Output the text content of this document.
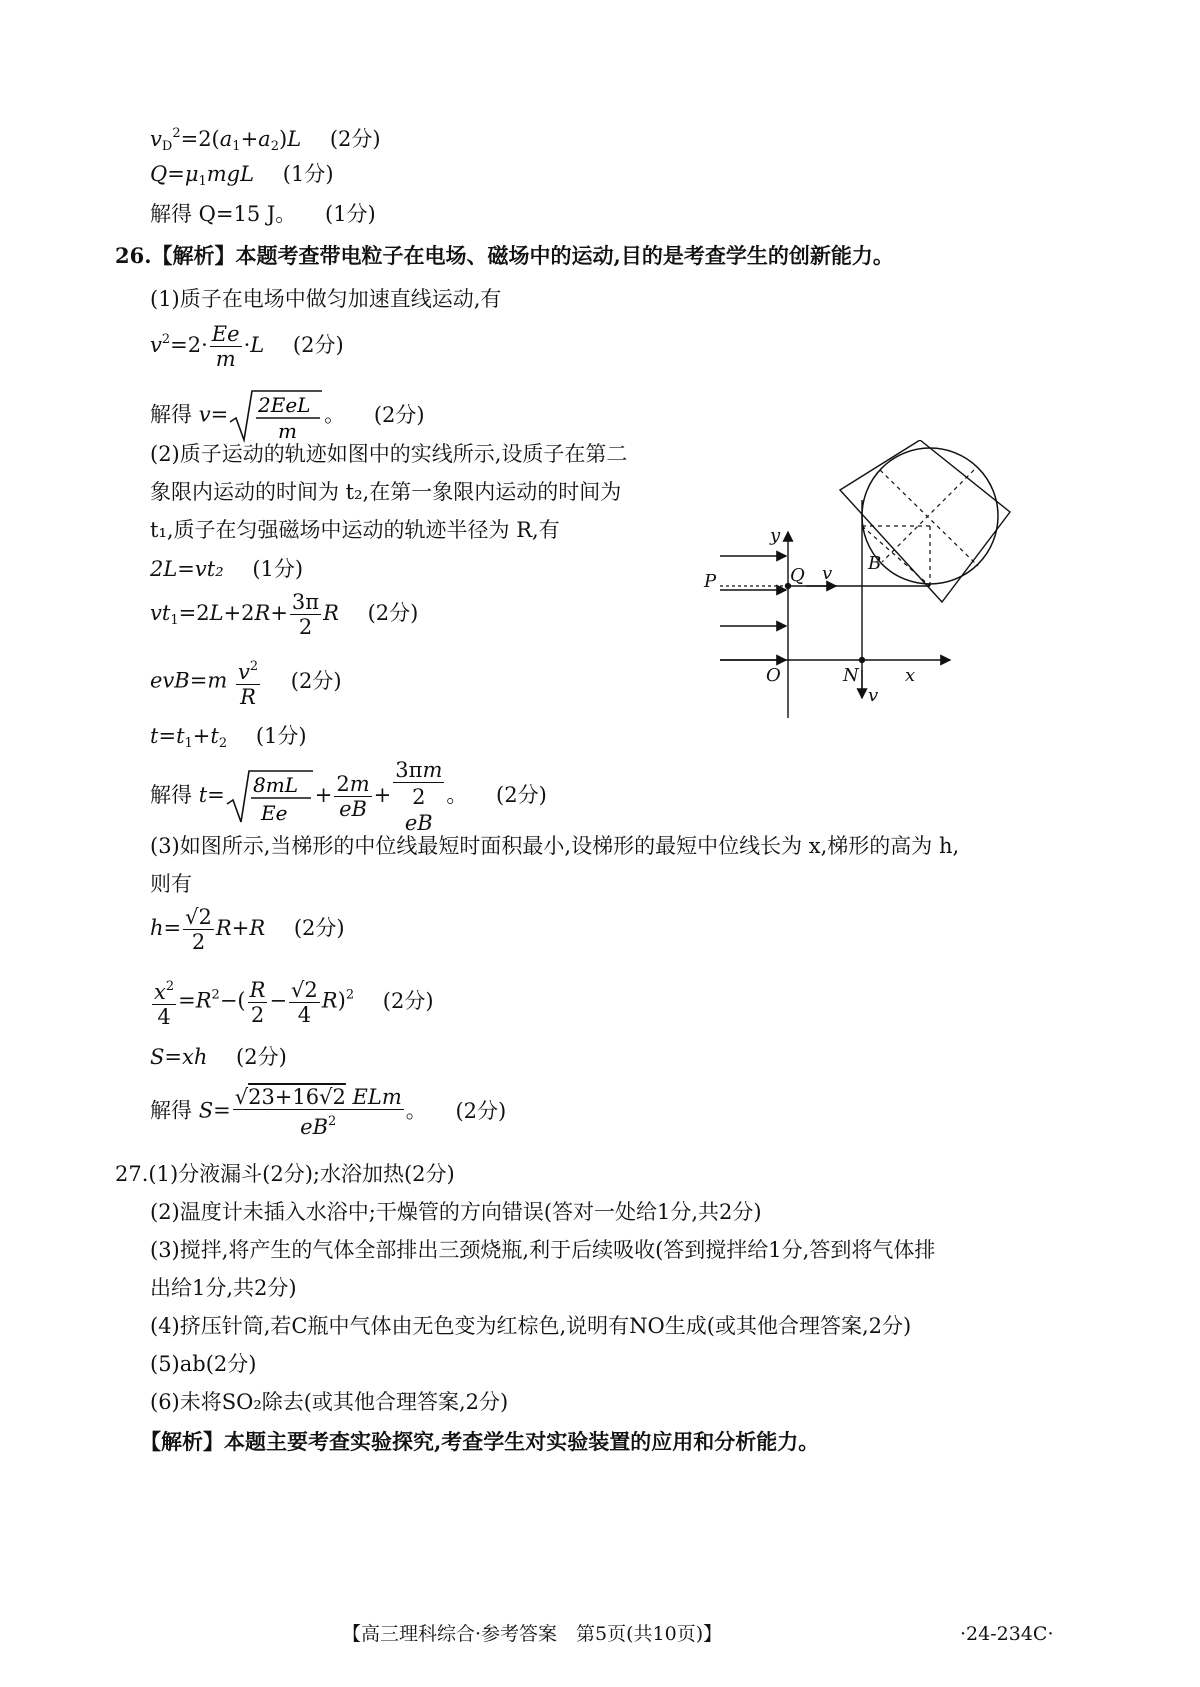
$v_D^2=2(a_1+a_2)L$ (2分)
$Q=\mu_1mgL$ (1分)
解得 Q=15 J。 (1分)
26.【解析】本题考查带电粒子在电场、磁场中的运动,目的是考查学生的创新能力。
(1)质子在电场中做匀加速直线运动,有
$v^2=2\cdot \frac{Ee}{m} \cdot L$ (2分)
解得 v= 2EeL
m
。 (2分)
(2)质子运动的轨迹如图中的实线所示,设质子在第二
象限内运动的时间为 t₂,在第一象限内运动的时间为
t₁,质子在匀强磁场中运动的轨迹半径为 R,有
2L=vt₂ (1分)
$vt_1=2L+2R+ \frac{3\pi}{2}$ R (2分)
$evB=m \frac{v^2}{R} (2$分)
$t=t_1+t_2$ (1分)
解得 t= 8mL
Ee
+ $\frac{2m}{eB}$ +
3πm
2
eB
。 (2分)
(3)如图所示,当梯形的中位线最短时面积最小,设梯形的最短中位线长为 x,梯形的高为 h,
则有
$h= \frac{√2}{2} R+R$ (2分)
$\frac{x^2}{4} =R^2-( \frac{R}{2} - \frac{√2}{4} R)^2$ (2分)
S=xh (2分)
解得 $S= \frac{\text{√23+16√2 ELm}}{eB^2}$ 。 (2分)
27.(1)分液漏斗(2分);水浴加热(2分)
(2)温度计未插入水浴中;干燥管的方向错误(答对一处给1分,共2分)
(3)搅拌,将产生的气体全部排出三颈烧瓶,利于后续吸收(答到搅拌给1分,答到将气体排
出给1分,共2分)
(4)挤压针筒,若C瓶中气体由无色变为红棕色,说明有NO生成(或其他合理答案,2分)
(5)ab(2分)
(6)未将SO₂除去(或其他合理答案,2分)
【解析】本题主要考查实验探究,考查学生对实验装置的应用和分析能力。
y
P	Q v B
O	N	x
v
【高三理科综合·参考答案　第5页(共10页)】	·24-234C·
